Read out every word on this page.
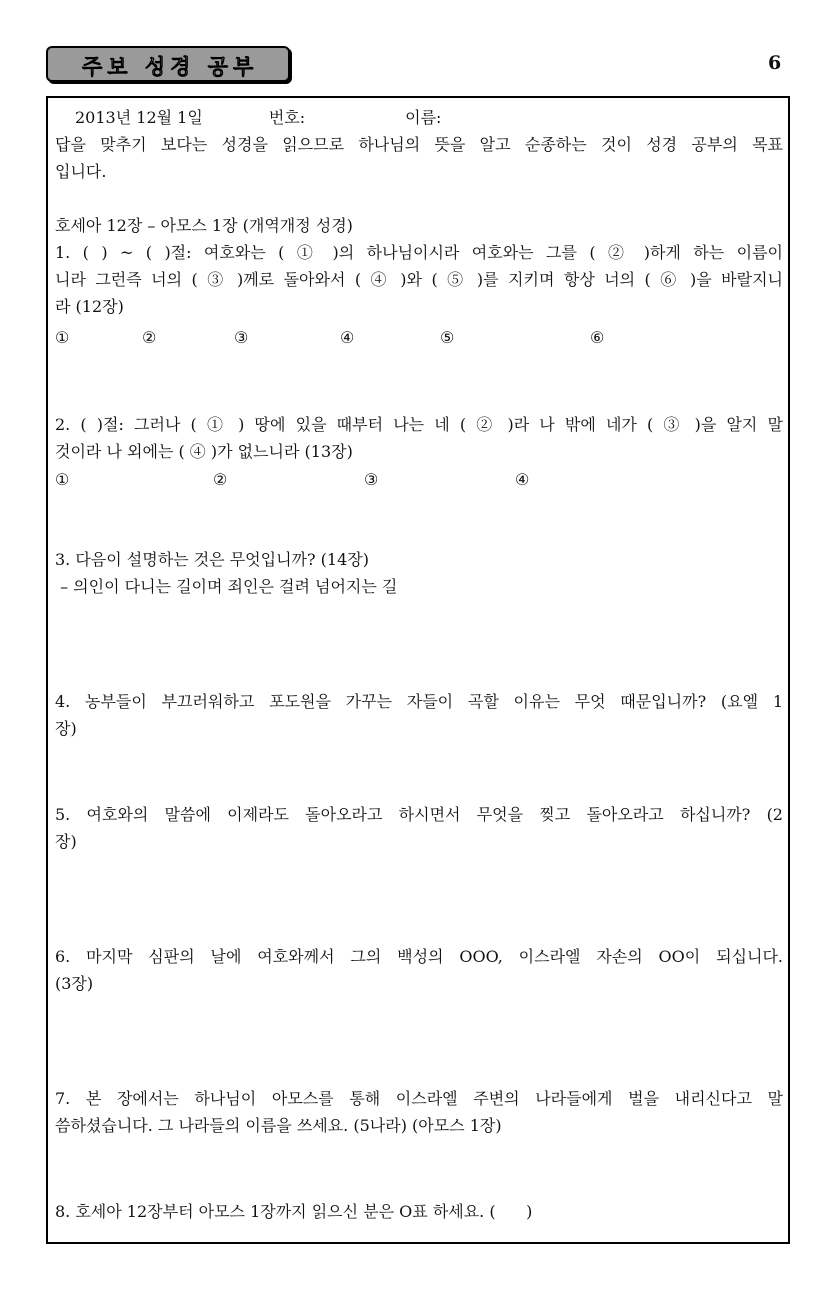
주보 성경 공부	6
2013년 12월 1일	번호:	이름:
답을 맞추기 보다는 성경을 읽으므로 하나님의 뜻을 알고 순종하는 것이 성경 공부의 목표
입니다.
호세아 12장 – 아모스 1장 (개역개정 성경)
1. ( ) ~ ( )절: 여호와는 ( ① )의 하나님이시라 여호와는 그를 ( ② )하게 하는 이름이
니라 그런즉 너의 ( ③ )께로 돌아와서 ( ④ )와 ( ⑤ )를 지키며 항상 너의 ( ⑥ )을 바랄지니
라 (12장)
①	②	③	④	⑤	⑥
2. ( )절: 그러나 ( ① ) 땅에 있을 때부터 나는 네 ( ② )라 나 밖에 네가 ( ③ )을 알지 말
것이라 나 외에는 ( ④ )가 없느니라 (13장)
①	②	③	④
3. 다음이 설명하는 것은 무엇입니까? (14장)
– 의인이 다니는 길이며 죄인은 걸려 넘어지는 길
4. 농부들이 부끄러워하고 포도원을 가꾸는 자들이 곡할 이유는 무엇 때문입니까? (요엘 1
장)
5. 여호와의 말씀에 이제라도 돌아오라고 하시면서 무엇을 찢고 돌아오라고 하십니까? (2
장)
6. 마지막 심판의 날에 여호와께서 그의 백성의 OOO, 이스라엘 자손의 OO이 되십니다.
(3장)
7. 본 장에서는 하나님이 아모스를 통해 이스라엘 주변의 나라들에게 벌을 내리신다고 말
씀하셨습니다. 그 나라들의 이름을 쓰세요. (5나라) (아모스 1장)
8. 호세아 12장부터 아모스 1장까지 읽으신 분은 O표 하세요. (      )
